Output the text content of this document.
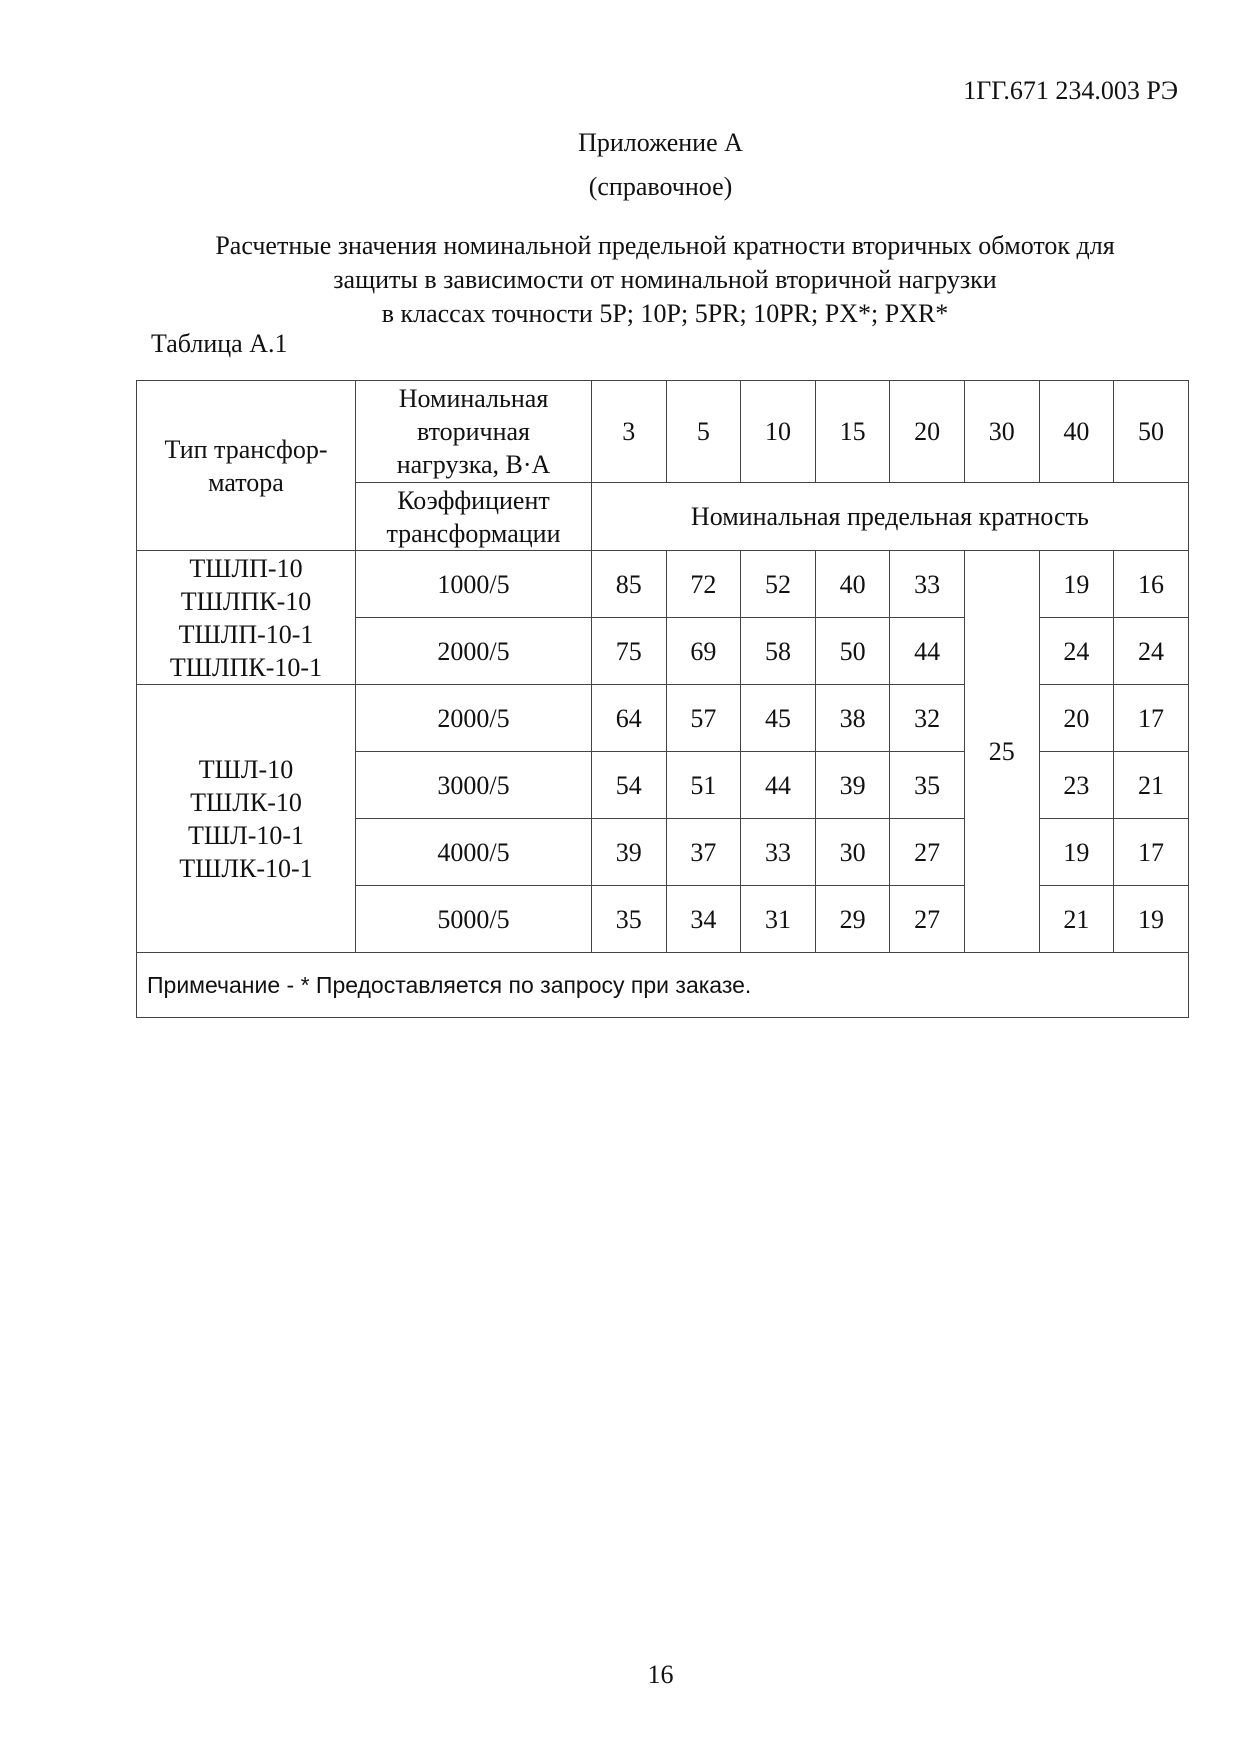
1ГГ.671 234.003 РЭ
Приложение А
(справочное)
Расчетные значения номинальной предельной кратности вторичных обмоток для
защиты в зависимости от номинальной вторичной нагрузки
в классах точности 5P; 10P; 5PR; 10PR; PX*; PXR*
Таблица А.1
Тип трансфор-
матора	Номинальная
вторичная
нагрузка, В·А	3	5	10	15	20	30	40	50

	Коэффициент
трансформации	Номинальная предельная кратность							

ТШЛП-10
ТШЛПК-10
ТШЛП-10-1
ТШЛПК-10-1	1000/5	85	72	52	40	33	25	19	16
	2000/5	75	69	58	50	44		24	24

ТШЛ-10
ТШЛК-10
ТШЛ-10-1
ТШЛК-10-1	2000/5	64	57	45	38	32		20	17
	3000/5	54	51	44	39	35		23	21
	4000/5	39	37	33	30	27		19	17
	5000/5	35	34	31	29	27		21	19
Примечание - * Предоставляется по запросу при заказе.									
16
